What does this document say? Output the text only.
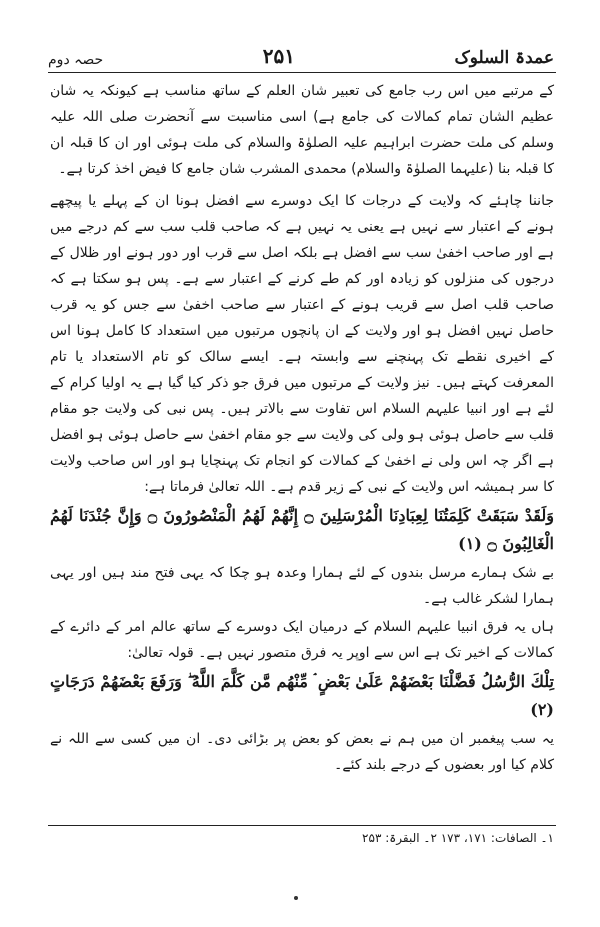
عمدۃ السلوک
۲۵۱
حصہ دوم

کے مرتبے میں اس رب جامع کی تعبیر شان العلم کے ساتھ مناسب ہے کیونکہ یہ شان عظیم الشان تمام کمالات کی جامع ہے) اسی مناسبت سے آنحضرت صلی اللہ علیہ وسلم کی ملت حضرت ابراہیم علیہ الصلوٰۃ والسلام کی ملت ہوئی اور ان کا قبلہ ان کا قبلہ بنا (علیہما الصلوٰۃ والسلام) محمدی المشرب شان جامع کا فیض اخذ کرتا ہے۔

جاننا چاہئے کہ ولایت کے درجات کا ایک دوسرے سے افضل ہونا ان کے پہلے یا پیچھے ہونے کے اعتبار سے نہیں ہے یعنی یہ نہیں ہے کہ صاحب قلب سب سے کم درجے میں ہے اور صاحب اخفیٰ سب سے افضل ہے بلکہ اصل سے قرب اور دور ہونے اور ظلال کے درجوں کی منزلوں کو زیادہ اور کم طے کرنے کے اعتبار سے ہے۔ پس ہو سکتا ہے کہ صاحب قلب اصل سے قریب ہونے کے اعتبار سے صاحب اخفیٰ سے جس کو یہ قرب حاصل نہیں افضل ہو اور ولایت کے ان پانچوں مرتبوں میں استعداد کا کامل ہونا اس کے اخیری نقطے تک پہنچنے سے وابستہ ہے۔ ایسے سالک کو تام الاستعداد یا تام المعرفت کہتے ہیں۔ نیز ولایت کے مرتبوں میں فرق جو ذکر کیا گیا ہے یہ اولیا کرام کے لئے ہے اور انبیا علیہم السلام اس تفاوت سے بالاتر ہیں۔ پس نبی کی ولایت جو مقام قلب سے حاصل ہوئی ہو ولی کی ولایت سے جو مقام اخفیٰ سے حاصل ہوئی ہو افضل ہے اگر چہ اس ولی نے اخفیٰ کے کمالات کو انجام تک پہنچایا ہو اور اس صاحب ولایت کا سر ہمیشہ اس ولایت کے نبی کے زیر قدم ہے۔ اللہ تعالیٰ فرماتا ہے:

وَلَقَدْ سَبَقَتْ كَلِمَتُنَا لِعِبَادِنَا الْمُرْسَلِينَ ۝ إِنَّهُمْ لَهُمُ الْمَنْصُورُونَ ۝ وَإِنَّ جُنْدَنَا لَهُمُ الْغَالِبُونَ ۝ (۱)

بے شک ہمارے مرسل بندوں کے لئے ہمارا وعدہ ہو چکا کہ یہی فتح مند ہیں اور یہی ہمارا لشکر غالب ہے۔

ہاں یہ فرق انبیا علیہم السلام کے درمیان ایک دوسرے کے ساتھ عالم امر کے دائرے کے کمالات کے اخیر تک ہے اس سے اوپر یہ فرق متصور نہیں ہے۔ قولہ تعالیٰ:

تِلْكَ الرُّسُلُ فَضَّلْنَا بَعْضَهُمْ عَلَىٰ بَعْضٍ ۘ مِّنْهُم مَّن كَلَّمَ اللَّهُ ۖ وَرَفَعَ بَعْضَهُمْ دَرَجَاتٍ (۲)

یہ سب پیغمبر ان میں ہم نے بعض کو بعض پر بڑائی دی۔ ان میں کسی سے اللہ نے کلام کیا اور بعضوں کے درجے بلند کئے۔

۱۔ الصافات: ۱۷۱، ۱۷۳ ۲۔ البقرۃ: ۲۵۳
